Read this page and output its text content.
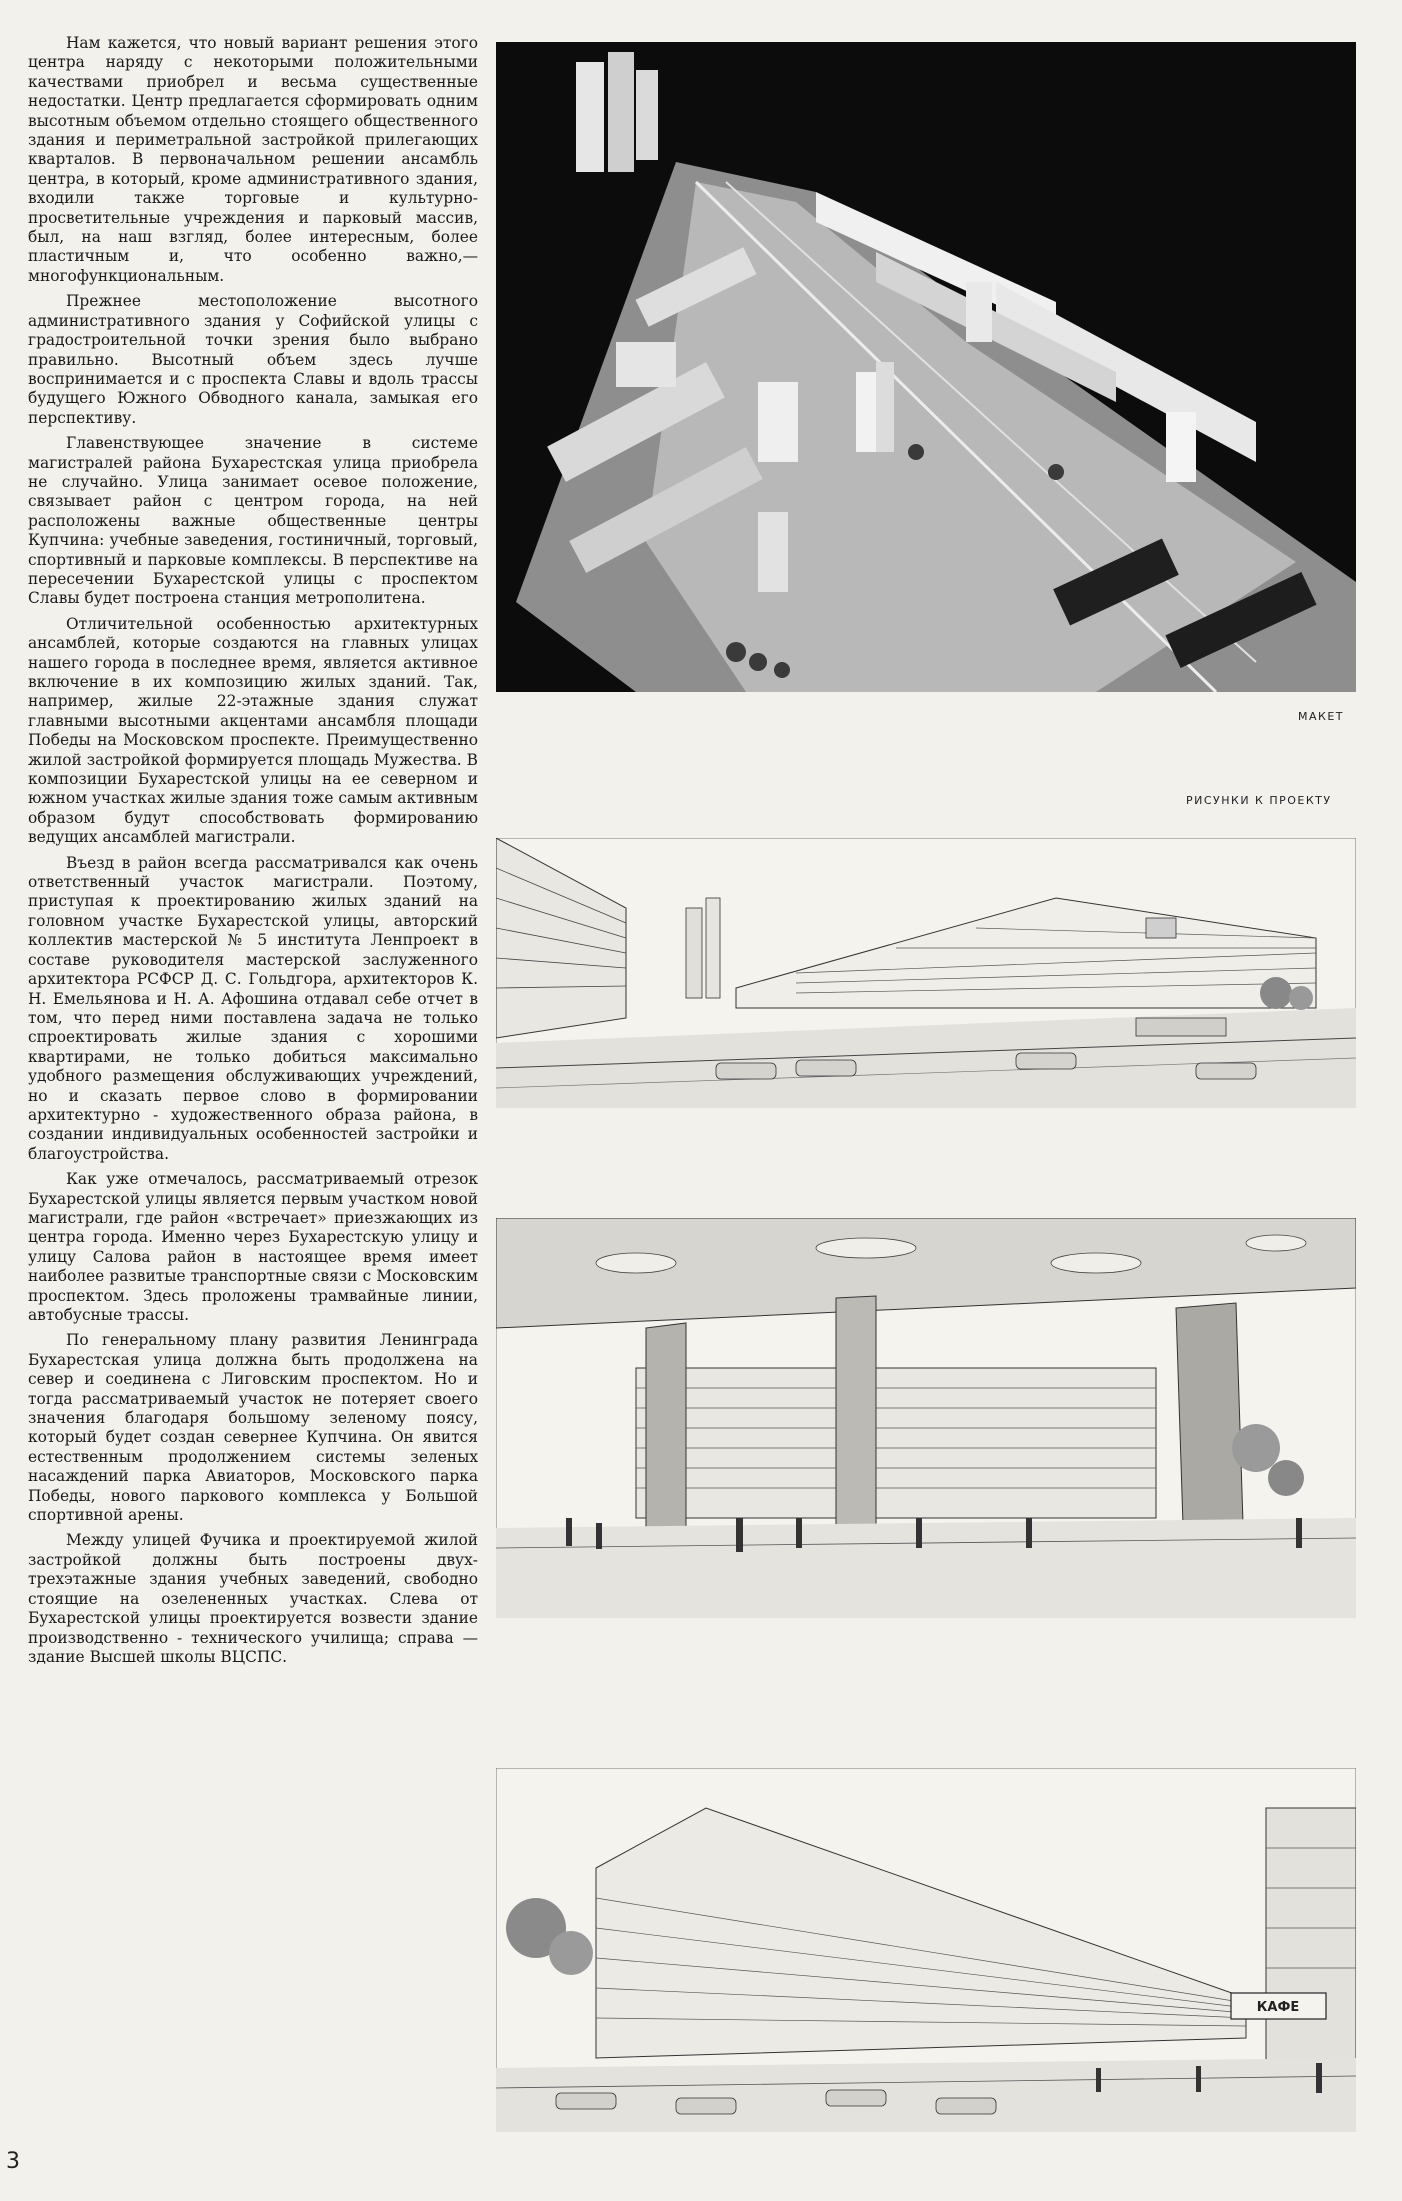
Нам кажется, что новый вариант решения этого центра наряду с некоторыми положительными качествами приобрел и весьма существенные недостатки. Центр предлагается сформировать одним высотным объемом отдельно стоящего общественного здания и периметральной застройкой прилегающих кварталов. В первоначальном решении ансамбль центра, в который, кроме административного здания, входили также торговые и культурно-просветительные учреждения и парковый массив, был, на наш взгляд, более интересным, более пластичным и, что особенно важно,— многофункциональным.

Прежнее местоположение высотного административного здания у Софийской улицы с градостроительной точки зрения было выбрано правильно. Высотный объем здесь лучше воспринимается и с проспекта Славы и вдоль трассы будущего Южного Обводного канала, замыкая его перспективу.

Главенствующее значение в системе магистралей района Бухарестская улица приобрела не случайно. Улица занимает осевое положение, связывает район с центром города, на ней расположены важные общественные центры Купчина: учебные заведения, гостиничный, торговый, спортивный и парковые комплексы. В перспективе на пересечении Бухарестской улицы с проспектом Славы будет построена станция метрополитена.

Отличительной особенностью архитектурных ансамблей, которые создаются на главных улицах нашего города в последнее время, является активное включение в их композицию жилых зданий. Так, например, жилые 22-этажные здания служат главными высотными акцентами ансамбля площади Победы на Московском проспекте. Преимущественно жилой застройкой формируется площадь Мужества. В композиции Бухарестской улицы на ее северном и южном участках жилые здания тоже самым активным образом будут способствовать формированию ведущих ансамблей магистрали.

Въезд в район всегда рассматривался как очень ответственный участок магистрали. Поэтому, приступая к проектированию жилых зданий на головном участке Бухарестской улицы, авторский коллектив мастерской № 5 института Ленпроект в составе руководителя мастерской заслуженного архитектора РСФСР Д. С. Гольдгора, архитекторов К. Н. Емельянова и Н. А. Афошина отдавал себе отчет в том, что перед ними поставлена задача не только спроектировать жилые здания с хорошими квартирами, не только добиться максимально удобного размещения обслуживающих учреждений, но и сказать первое слово в формировании архитектурно - художественного образа района, в создании индивидуальных особенностей застройки и благоустройства.

Как уже отмечалось, рассматриваемый отрезок Бухарестской улицы является первым участком новой магистрали, где район «встречает» приезжающих из центра города. Именно через Бухарестскую улицу и улицу Салова район в настоящее время имеет наиболее развитые транспортные связи с Московским проспектом. Здесь проложены трамвайные линии, автобусные трассы.

По генеральному плану развития Ленинграда Бухарестская улица должна быть продолжена на север и соединена с Лиговским проспектом. Но и тогда рассматриваемый участок не потеряет своего значения благодаря большому зеленому поясу, который будет создан севернее Купчина. Он явится естественным продолжением системы зеленых насаждений парка Авиаторов, Московского парка Победы, нового паркового комплекса у Большой спортивной арены.

Между улицей Фучика и проектируемой жилой застройкой должны быть построены двух-трехэтажные здания учебных заведений, свободно стоящие на озелененных участках. Слева от Бухарестской улицы проектируется возвести здание производственно - технического училища; справа — здание Высшей школы ВЦСПС.

МАКЕТ
РИСУНКИ К ПРОЕКТУ
КАФЕ
3
